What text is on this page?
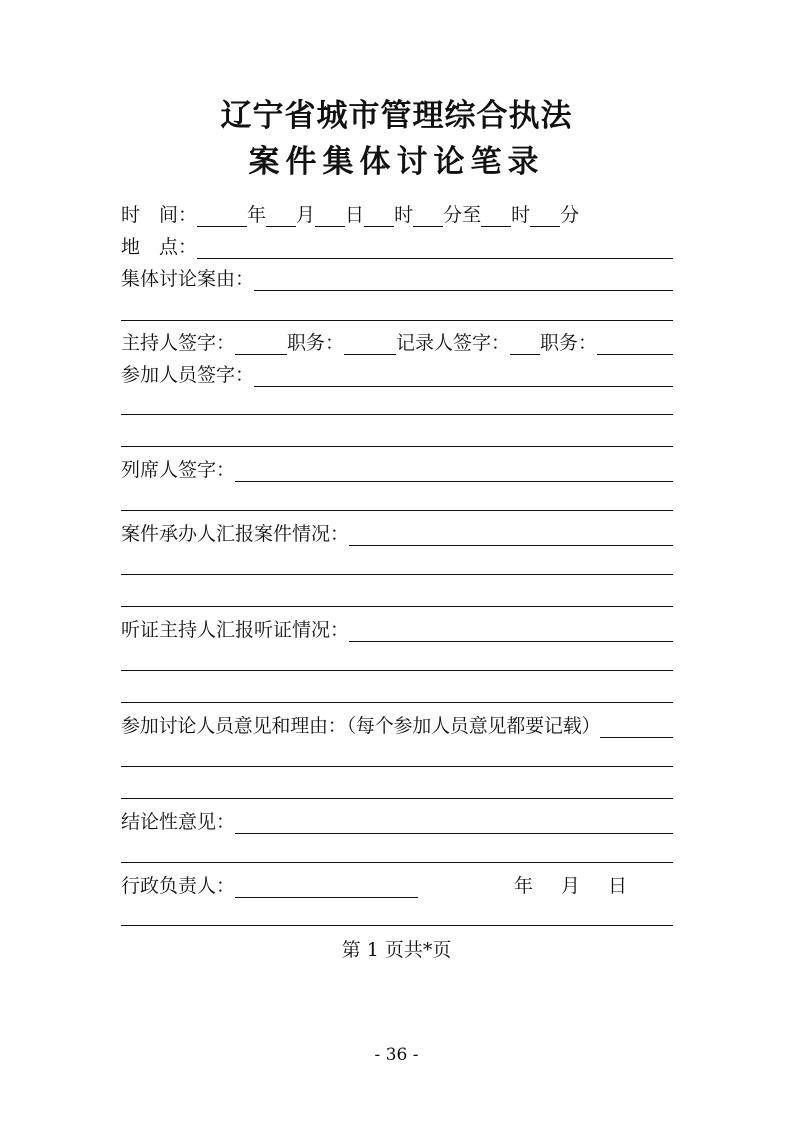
辽宁省城市管理综合执法
案件集体讨论笔录
时　间：	年 月 日 时 分至 时 分
地　点：
集体讨论案由：
主持人签字：	职务：	记录人签字： 职务：
参加人员签字：
列席人签字：
案件承办人汇报案件情况：
听证主持人汇报听证情况：
参加讨论人员意见和理由：（每个参加人员意见都要记载）
结论性意见：
行政负责人：	年 月 日
第 1 页共*页
- 36 -
